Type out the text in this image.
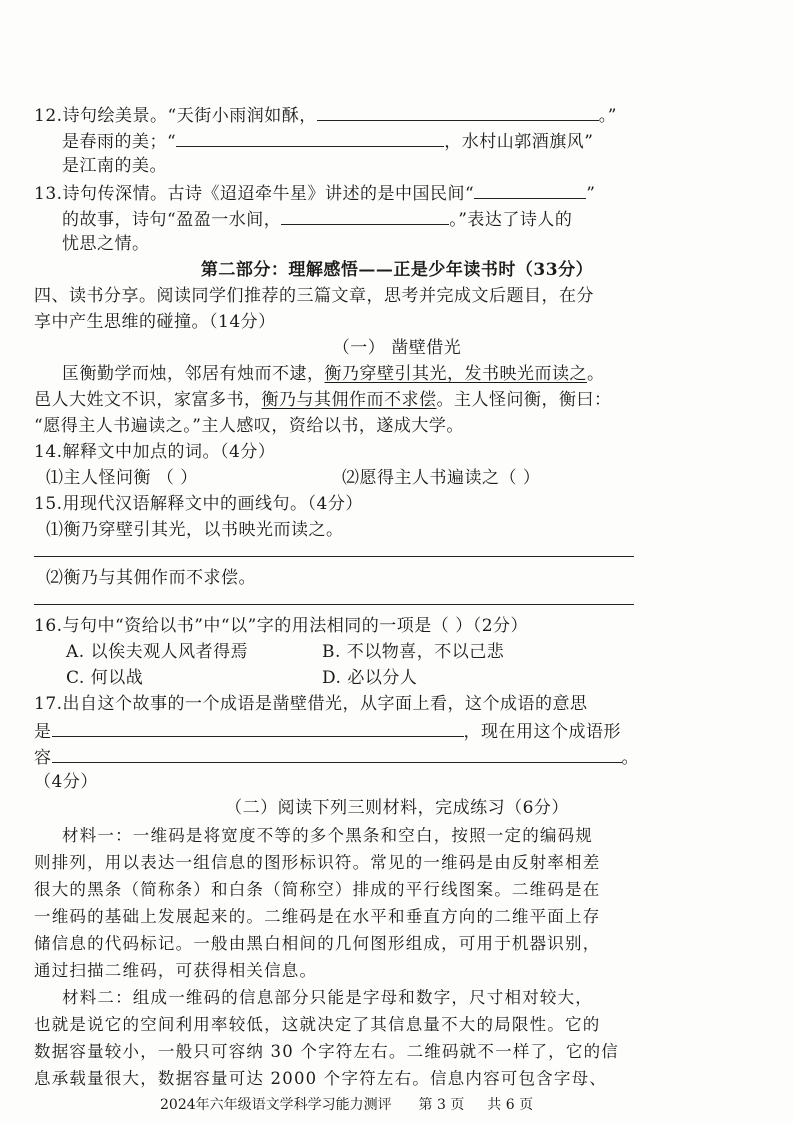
12.诗句绘美景。“天街小雨润如酥，	。”
是春雨的美；“	，水村山郭酒旗风”
是江南的美。
13.诗句传深情。古诗《迢迢牵牛星》讲述的是中国民间“	”
的故事，诗句“盈盈一水间，	。”表达了诗人的
忧思之情。
第二部分：理解感悟——正是少年读书时（33分）
四、读书分享。阅读同学们推荐的三篇文章，思考并完成文后题目，在分
享中产生思维的碰撞。（14分）
（一） 凿壁借光
匡衡勤学而烛，邻居有烛而不逮，衡乃穿壁引其光，发书映光而读之。
邑人大姓文不识，家富多书，衡乃与其佣作而不求偿。主人怪问衡，衡曰：
“愿得主人书遍读之。”主人感叹，资给以书，遂成大学。
14.解释文中加点的词。（4分）
⑴主人怪问衡 （ ）	⑵愿得主人书遍读之（ ）
15.用现代汉语解释文中的画线句。（4分）
⑴衡乃穿壁引其光，以书映光而读之。
⑵衡乃与其佣作而不求偿。
16.与句中“资给以书”中“以”字的用法相同的一项是（ ）（2分）
A. 以俟夫观人风者得焉	B. 不以物喜，不以己悲
C. 何以战	D. 必以分人
17.出自这个故事的一个成语是凿壁借光，从字面上看，这个成语的意思
是	，现在用这个成语形
容	。
（4分）
（二）阅读下列三则材料，完成练习（6分）
材料一：一维码是将宽度不等的多个黑条和空白，按照一定的编码规
则排列，用以表达一组信息的图形标识符。常见的一维码是由反射率相差
很大的黑条（简称条）和白条（简称空）排成的平行线图案。二维码是在
一维码的基础上发展起来的。二维码是在水平和垂直方向的二维平面上存
储信息的代码标记。一般由黑白相间的几何图形组成，可用于机器识别，
通过扫描二维码，可获得相关信息。
材料二：组成一维码的信息部分只能是字母和数字，尺寸相对较大，
也就是说它的空间利用率较低，这就决定了其信息量不大的局限性。它的
数据容量较小，一般只可容纳 30 个字符左右。二维码就不一样了，它的信
息承载量很大，数据容量可达 2000 个字符左右。信息内容可包含字母、
2024年六年级语文学科学习能力测评 第 3 页 共 6 页
